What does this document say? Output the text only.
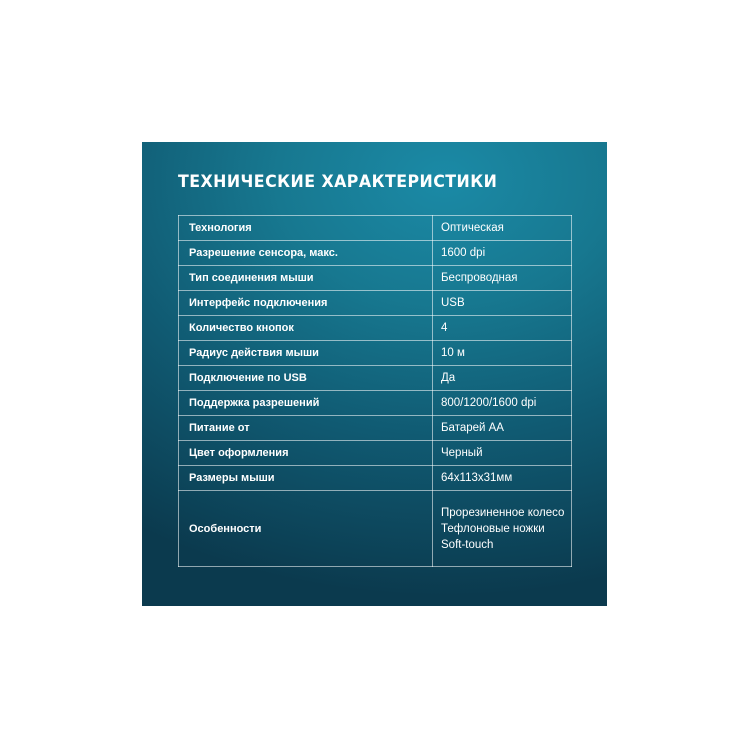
ТЕХНИЧЕСКИЕ ХАРАКТЕРИСТИКИ
Технология	Оптическая
Разрешение сенсора, макс.	1600 dpi
Тип соединения мыши	Беспроводная
Интерфейс подключения	USB
Количество кнопок	4
Радиус действия мыши	10 м
Подключение по USB	Да
Поддержка разрешений	800/1200/1600 dpi
Питание от	Батарей АА
Цвет оформления	Черный
Размеры мыши	64x113x31мм
Особенности	Прорезиненное колесо
Тефлоновые ножки
Soft-touch
